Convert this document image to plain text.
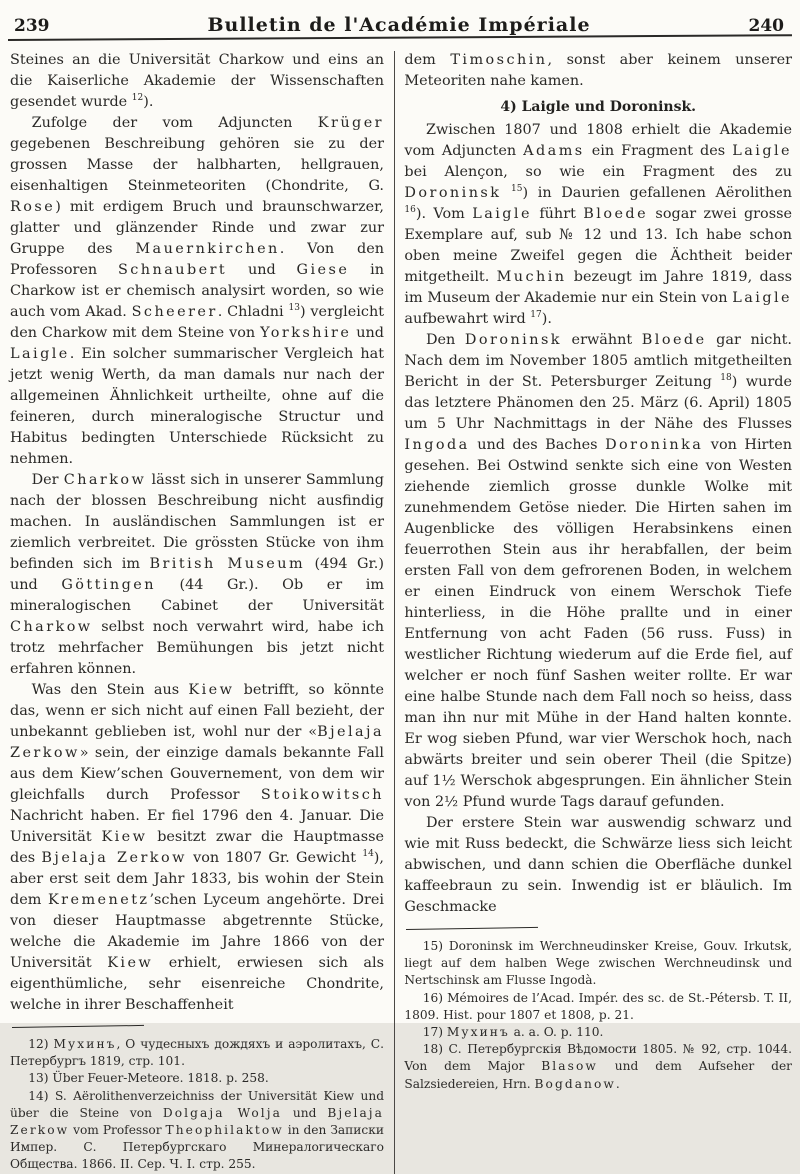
239	Bulletin de l'Académie Impériale	240

Steines an die Universität Charkow und eins an die Kaiserliche Akademie der Wissenschaften gesendet wurde $^{12}$).

Zufolge der vom Adjuncten Krüger gegebenen Beschreibung gehören sie zu der grossen Masse der halbharten, hellgrauen, eisenhaltigen Steinmeteoriten (Chondrite, G. Rose) mit erdigem Bruch und braunschwarzer, glatter und glänzender Rinde und zwar zur Gruppe des Mauernkirchen. Von den Professoren Schnaubert und Giese in Charkow ist er chemisch analysirt worden, so wie auch vom Akad. Scheerer. Chladni $^{13}$) vergleicht den Charkow mit dem Steine von Yorkshire und Laigle. Ein solcher summarischer Vergleich hat jetzt wenig Werth, da man damals nur nach der allgemeinen Ähnlichkeit urtheilte, ohne auf die feineren, durch mineralogische Structur und Habitus bedingten Unterschiede Rücksicht zu nehmen.

Der Charkow lässt sich in unserer Sammlung nach der blossen Beschreibung nicht ausfindig machen. In ausländischen Sammlungen ist er ziemlich verbreitet. Die grössten Stücke von ihm befinden sich im British Museum (494 Gr.) und Göttingen (44 Gr.). Ob er im mineralogischen Cabinet der Universität Charkow selbst noch verwahrt wird, habe ich trotz mehrfacher Bemühungen bis jetzt nicht erfahren können.

Was den Stein aus Kiew betrifft, so könnte das, wenn er sich nicht auf einen Fall bezieht, der unbekannt geblieben ist, wohl nur der «Bjelaja Zerkow» sein, der einzige damals bekannte Fall aus dem Kiew’schen Gouvernement, von dem wir gleichfalls durch Professor Stoikowitsch Nachricht haben. Er fiel 1796 den 4. Januar. Die Universität Kiew besitzt zwar die Hauptmasse des Bjelaja Zerkow von 1807 Gr. Gewicht $^{14}$), aber erst seit dem Jahr 1833, bis wohin der Stein dem Kremenetz’schen Lyceum angehörte. Drei von dieser Hauptmasse abgetrennte Stücke, welche die Akademie im Jahre 1866 von der Universität Kiew erhielt, erwiesen sich als eigenthümliche, sehr eisenreiche Chondrite, welche in ihrer Beschaffenheit

12) Мухинъ, О чудесныхъ дождяхъ и аэролитахъ, С. Петербургъ 1819, стр. 101.

13) Über Feuer-Meteore. 1818. p. 258.

14) S. Aërolithenverzeichniss der Universität Kiew und über die Steine von Dolgaja Wolja und Bjelaja Zerkow vom Professor Theophilaktow in den Записки Импер. С. Петербургскаго Минералогическаго Общества. 1866. II. Сер. Ч. I. стр. 255.

dem Timoschin, sonst aber keinem unserer Meteoriten nahe kamen.

4) Laigle und Doroninsk.

Zwischen 1807 und 1808 erhielt die Akademie vom Adjuncten Adams ein Fragment des Laigle bei Alençon, so wie ein Fragment des zu Doroninsk $^{15}$) in Daurien gefallenen Aërolithen $^{16}$). Vom Laigle führt Bloede sogar zwei grosse Exemplare auf, sub № 12 und 13. Ich habe schon oben meine Zweifel gegen die Ächtheit beider mitgetheilt. Muchin bezeugt im Jahre 1819, dass im Museum der Akademie nur ein Stein von Laigle aufbewahrt wird $^{17}$).

Den Doroninsk erwähnt Bloede gar nicht. Nach dem im November 1805 amtlich mitgetheilten Bericht in der St. Petersburger Zeitung $^{18}$) wurde das letztere Phänomen den 25. März (6. April) 1805 um 5 Uhr Nachmittags in der Nähe des Flusses Ingoda und des Baches Doroninka von Hirten gesehen. Bei Ostwind senkte sich eine von Westen ziehende ziemlich grosse dunkle Wolke mit zunehmendem Getöse nieder. Die Hirten sahen im Augenblicke des völligen Herabsinkens einen feuerrothen Stein aus ihr herabfallen, der beim ersten Fall von dem gefrorenen Boden, in welchem er einen Eindruck von einem Werschok Tiefe hinterliess, in die Höhe prallte und in einer Entfernung von acht Faden (56 russ. Fuss) in westlicher Richtung wiederum auf die Erde fiel, auf welcher er noch fünf Sashen weiter rollte. Er war eine halbe Stunde nach dem Fall noch so heiss, dass man ihn nur mit Mühe in der Hand halten konnte. Er wog sieben Pfund, war vier Werschok hoch, nach abwärts breiter und sein oberer Theil (die Spitze) auf 1½ Werschok abgesprungen. Ein ähnlicher Stein von 2½ Pfund wurde Tags darauf gefunden.

Der erstere Stein war auswendig schwarz und wie mit Russ bedeckt, die Schwärze liess sich leicht abwischen, und dann schien die Oberfläche dunkel kaffeebraun zu sein. Inwendig ist er bläulich. Im Geschmacke

15) Doroninsk im Werchneudinsker Kreise, Gouv. Irkutsk, liegt auf dem halben Wege zwischen Werchneudinsk und Nertschinsk am Flusse Ingodà.

16) Mémoires de l’Acad. Impér. des sc. de St.-Pétersb. T. II, 1809. Hist. pour 1807 et 1808, p. 21.

17) Мухинъ a. a. O. p. 110.

18) С. Петербургскія Вѣдомости 1805. № 92, стр. 1044. Von dem Major Blasow und dem Aufseher der Salzsiedereien, Hrn. Bogdanow.
